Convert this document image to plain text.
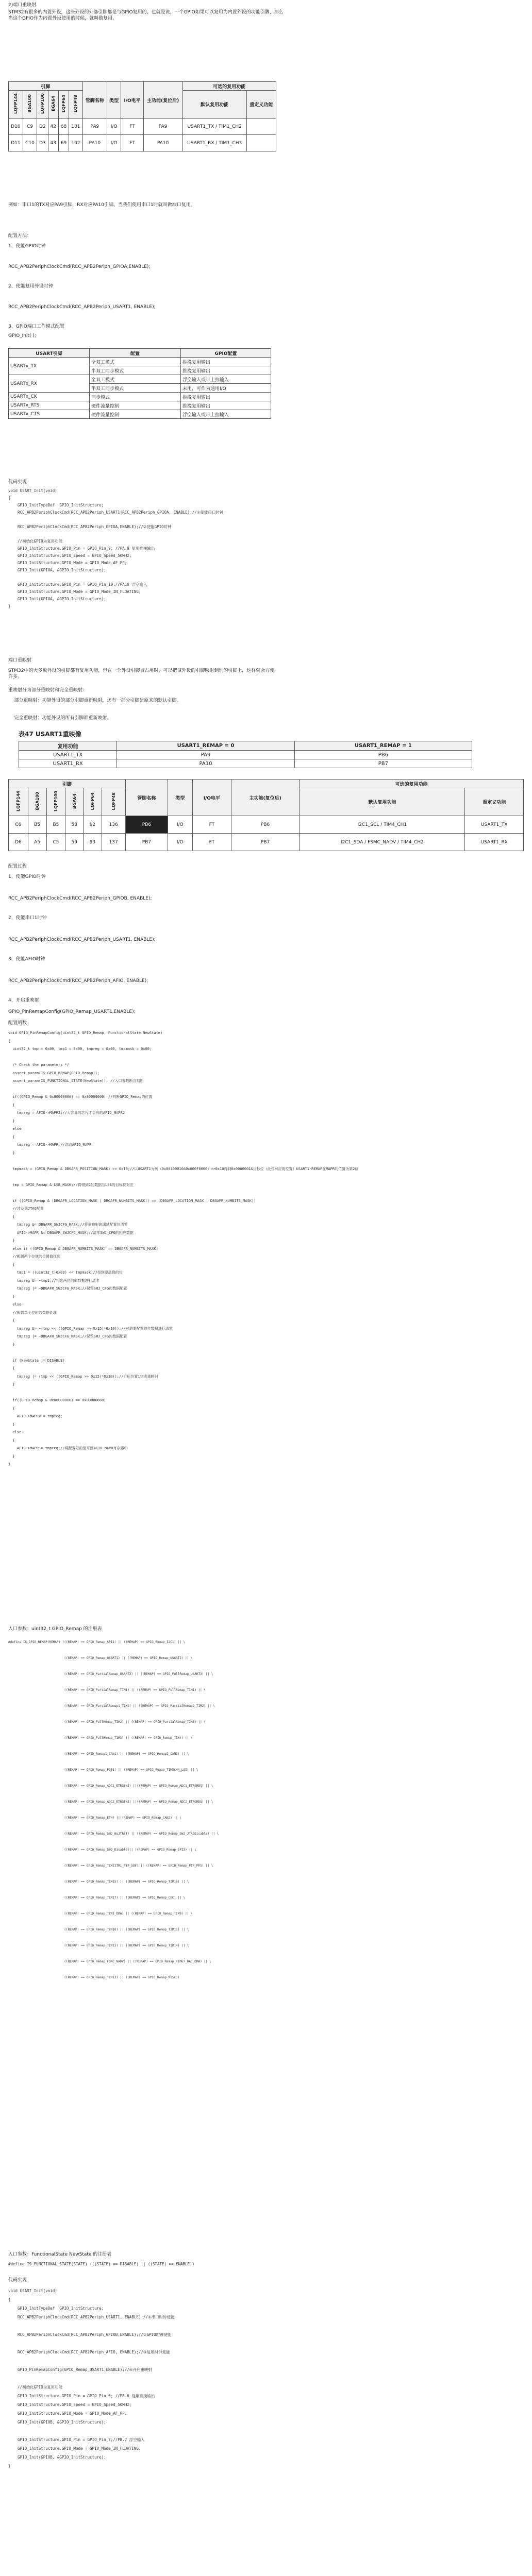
2)端口重映射

STM32有很多的内置外设，这些外设的外部引脚都是与GPIO复用的。也就是说，一个GPIO如果可以复用为内置外设的功能引脚，那么当这个GPIO作为内置外设使用的时候，就叫做复用。

引脚						管脚名称	类型	I/O电平	主功能(复位后)	可选的复用功能	
LQFP144	BGA100	LQFP100	BGA64	LQFP64	LQFP48					默认复用功能	重定义功能
D10	C9	D2	42	68	101	PA9	I/O	FT	PA9	USART1_TX / TIM1_CH2	
D11	C10	D3	43	69	102	PA10	I/O	FT	PA10	USART1_RX / TIM1_CH3	

例如：串口1的TX对应PA9引脚，RX对应PA10引脚。当我们使用串口1时就叫做端口复用。

配置方法：

1、使能GPIO时钟

RCC_APB2PeriphClockCmd(RCC_APB2Periph_GPIOA,ENABLE);

2、使能复用外设时钟

RCC_APB2PeriphClockCmd(RCC_APB2Periph_USART1, ENABLE);

3、GPIO端口工作模式配置

GPIO_Init( );

USART引脚	配置	GPIO配置
USARTx_TX	全双工模式	推挽复用输出
	半双工同步模式	推挽复用输出
USARTx_RX	全双工模式	浮空输入或带上拉输入
	半双工同步模式	未用，可作为通用I/O
USARTx_CK	同步模式	推挽复用输出
USARTx_RTS	硬件流量控制	推挽复用输出
USARTx_CTS	硬件流量控制	浮空输入或带上拉输入

代码实现

void USART_Init(void)
{
GPIO_InitTypeDef  GPIO_InitStructure;
RCC_APB2PeriphClockCmd(RCC_APB2Periph_USART1|RCC_APB2Periph_GPIOA, ENABLE);//①使能串口时钟

RCC_APB2PeriphClockCmd(RCC_APB2Periph_GPIOA,ENABLE);//②使能GPIO时钟

//初始化GPIO为复用功能
GPIO_InitStructure.GPIO_Pin = GPIO_Pin_9; //PA.9 复用推挽输出
GPIO_InitStructure.GPIO_Speed = GPIO_Speed_50MHz;
GPIO_InitStructure.GPIO_Mode = GPIO_Mode_AF_PP;
GPIO_Init(GPIOA, &GPIO_InitStructure);

GPIO_InitStructure.GPIO_Pin = GPIO_Pin_10;//PA10 浮空输入
GPIO_InitStructure.GPIO_Mode = GPIO_Mode_IN_FLOATING;
GPIO_Init(GPIOA, &GPIO_InitStructure);
}

端口重映射

STM32中的大多数外设的引脚都有复用功能，但在一个外设引脚被占用时，可以把该外设的引脚映射到别的引脚上，这样就会方便许多。

重映射分为部分重映射和完全重映射：

部分重映射：功能外设的部分引脚重新映射，还有一部分引脚是原来的默认引脚。

完全重映射：功能外设的所有引脚都重新映射。

表47 USART1重映像
复用功能	USART1_REMAP = 0	USART1_REMAP = 1
USART1_TX	PA9	PB6
USART1_RX	PA10	PB7
引脚						管脚名称	类型	I/O电平	主功能(复位后)	可选的复用功能	
LQFP144	BGA100	LQFP100	BGA64	LQFP64	LQFP48					默认复用功能	重定义功能
C6	B5	B5	58	92	136	PB6	I/O	FT	PB6	I2C1_SCL / TIM4_CH1	USART1_TX
D6	A5	C5	59	93	137	PB7	I/O	FT	PB7	I2C1_SDA / FSMC_NADV / TIM4_CH2	USART1_RX

配置过程

1、使能GPIO时钟

RCC_APB2PeriphClockCmd(RCC_APB2Periph_GPIOB, ENABLE);

2、使能串口1时钟

RCC_APB2PeriphClockCmd(RCC_APB2Periph_USART1, ENABLE);

3、使能AFIO时钟

RCC_APB2PeriphClockCmd(RCC_APB2Periph_AFIO, ENABLE);

4、开启重映射

GPIO_PinRemapConfig(GPIO_Remap_USART1,ENABLE);

配置函数

void GPIO_PinRemapConfig(uint32_t GPIO_Remap, FunctionalState NewState)
{
uint32_t tmp = 0x00, tmp1 = 0x00, tmpreg = 0x00, tmpmask = 0x00;

/* Check the parameters */
assert_param(IS_GPIO_REMAP(GPIO_Remap));
assert_param(IS_FUNCTIONAL_STATE(NewState)); //入口参数断言判断

if((GPIO_Remap & 0x80000000) == 0x80000000) //判断GPIO_Remap的位置
{
tmpreg = AFIO->MAPR2;//大容量的芯片才会有的AFIO_MAPR2
}
else
{
tmpreg = AFIO->MAPR;//读取AFIO_MAPR
}

tmpmask = (GPIO_Remap & DBGAFR_POSITION_MASK) >> 0x10;//以USART1为例（0x00100010&0x000F0000）>>0x10得到0x0000001&目标位（此位对应的位置）USART1-REMAP在MAPR的位置为第2位

tmp = GPIO_Remap & LSB_MASK;//将得到1的数据与LSB的目标位对应

if ((GPIO_Remap & (DBGAFR_LOCATION_MASK | DBGAFR_NUMBITS_MASK)) == (DBGAFR_LOCATION_MASK | DBGAFR_NUMBITS_MASK))
//涉及到JTAG配置
{
tmpreg &= DBGAFR_SWJCFG_MASK;//将重映射的调试配置位清零
AFIO->MAPR &= DBGAFR_SWJCFG_MASK;//清零SWJ_CFG的相应数据
}
else if ((GPIO_Remap & DBGAFR_NUMBITS_MASK) == DBGAFR_NUMBITS_MASK)
//配置两个位他的位置值找到
{
tmp1 = ((uint32_t)0x03) << tmpmask;//找到要清除的位
tmpreg &= ~tmp1;//将这两位的原数据进行清零
tmpreg |= ~DBGAFR_SWJCFG_MASK;//保留SWJ_CFG的数据配置
}
else
//配置单个位时的数据处理
{
tmpreg &= ~(tmp << ((GPIO_Remap >> 0x15)*0x10));//对需要配置的位数据进行清零
tmpreg |= ~DBGAFR_SWJCFG_MASK;//保留SWJ_CFG的数据配置
}

if (NewState != DISABLE)
{
tmpreg |= (tmp << ((GPIO_Remap >> 0x15)*0x10));//目标位置1完成重映射
}

if((GPIO_Remap & 0x80000000) == 0x80000000)
{
AFIO->MAPR2 = tmpreg;
}
else
{
AFIO->MAPR = tmpreg;//将配置好的值写回AFIO_MAPR寄存器中
}
}

入口参数：uint32_t GPIO_Remap 的注册表

#define IS_GPIO_REMAP(REMAP) (((REMAP) == GPIO_Remap_SPI1) || ((REMAP) == GPIO_Remap_I2C1) || \
((REMAP) == GPIO_Remap_USART1) || ((REMAP) == GPIO_Remap_USART2) || \
((REMAP) == GPIO_PartialRemap_USART3) || ((REMAP) == GPIO_FullRemap_USART3) || \
((REMAP) == GPIO_PartialRemap_TIM1) || ((REMAP) == GPIO_FullRemap_TIM1) || \
((REMAP) == GPIO_PartialRemap1_TIM2) || ((REMAP) == GPIO_PartialRemap2_TIM2) || \
((REMAP) == GPIO_FullRemap_TIM2) || ((REMAP) == GPIO_PartialRemap_TIM3) || \
((REMAP) == GPIO_FullRemap_TIM3) || ((REMAP) == GPIO_Remap_TIM4) || \
((REMAP) == GPIO_Remap1_CAN1) || ((REMAP) == GPIO_Remap2_CAN1) || \
((REMAP) == GPIO_Remap_PD01) || ((REMAP) == GPIO_Remap_TIM5CH4_LSI) || \
((REMAP) == GPIO_Remap_ADC1_ETRGINJ) ||((REMAP) == GPIO_Remap_ADC1_ETRGREG) || \
((REMAP) == GPIO_Remap_ADC2_ETRGINJ) ||((REMAP) == GPIO_Remap_ADC2_ETRGREG) || \
((REMAP) == GPIO_Remap_ETH) ||((REMAP) == GPIO_Remap_CAN2) || \
((REMAP) == GPIO_Remap_SWJ_NoJTRST) || ((REMAP) == GPIO_Remap_SWJ_JTAGDisable) || \
((REMAP) == GPIO_Remap_SWJ_Disable)|| ((REMAP) == GPIO_Remap_SPI3) || \
((REMAP) == GPIO_Remap_TIM2ITR1_PTP_SOF) || ((REMAP) == GPIO_Remap_PTP_PPS) || \
((REMAP) == GPIO_Remap_TIM15) || ((REMAP) == GPIO_Remap_TIM16) || \
((REMAP) == GPIO_Remap_TIM17) || ((REMAP) == GPIO_Remap_CEC) || \
((REMAP) == GPIO_Remap_TIM1_DMA) || ((REMAP) == GPIO_Remap_TIM9) || \
((REMAP) == GPIO_Remap_TIM10) || ((REMAP) == GPIO_Remap_TIM11) || \
((REMAP) == GPIO_Remap_TIM13) || ((REMAP) == GPIO_Remap_TIM14) || \
((REMAP) == GPIO_Remap_FSMC_NADV) || ((REMAP) == GPIO_Remap_TIM67_DAC_DMA) || \
((REMAP) == GPIO_Remap_TIM12) || ((REMAP) == GPIO_Remap_MISC))

入口参数：FunctionalState NewState 的注册表

#define IS_FUNCTIONAL_STATE(STATE) (((STATE) == DISABLE) || ((STATE) == ENABLE))

代码实现

void USART_Init(void)
{
GPIO_InitTypeDef  GPIO_InitStructure;
RCC_APB2PeriphClockCmd(RCC_APB2Periph_USART1, ENABLE);//①串口时钟使能

RCC_APB2PeriphClockCmd(RCC_APB2Periph_GPIOB,ENABLE);//②GPIO时钟使能

RCC_APB2PeriphClockCmd(RCC_APB2Periph_AFIO, ENABLE);//③复用时钟使能

GPIO_PinRemapConfig(GPIO_Remap_USART1,ENABLE);//④开启重映射

//初始化GPIO为复用功能
GPIO_InitStructure.GPIO_Pin = GPIO_Pin_6; //PB.6 复用推挽输出
GPIO_InitStructure.GPIO_Speed = GPIO_Speed_50MHz;
GPIO_InitStructure.GPIO_Mode = GPIO_Mode_AF_PP;
GPIO_Init(GPIOB, &GPIO_InitStructure);

GPIO_InitStructure.GPIO_Pin = GPIO_Pin_7;//PB.7 浮空输入
GPIO_InitStructure.GPIO_Mode = GPIO_Mode_IN_FLOATING;
GPIO_Init(GPIOB, &GPIO_InitStructure);
}
